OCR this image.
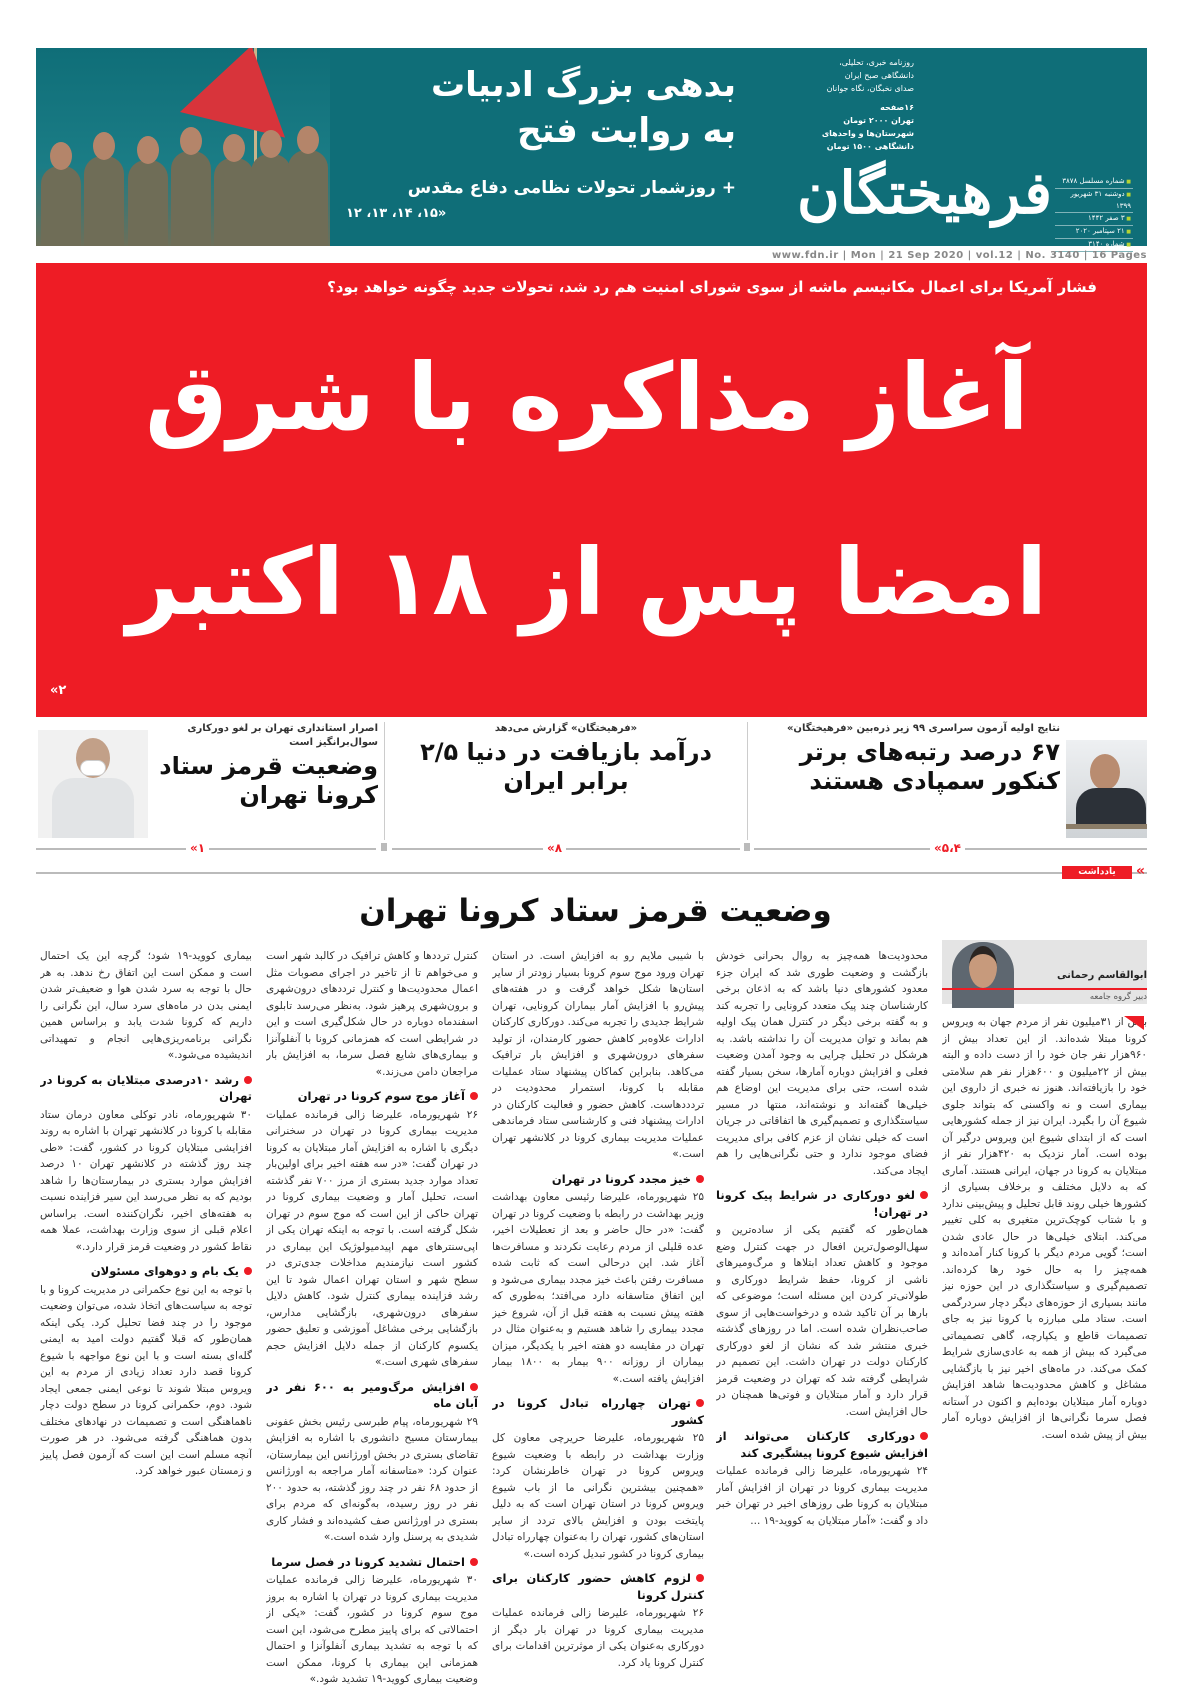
بدهی بزرگ ادبیات
به روایت فتح
+ روزشمار تحولات نظامی دفاع مقدس
«۱۵، ۱۴، ۱۳، ۱۲
روزنامه خبری، تحلیلی، دانشگاهی صبح ایران
صدای نخبگان، نگاه جوانان
۱۶صفحه
تهران ۲۰۰۰ تومان
شهرستان‌ها و واحدهای
دانشگاهی ۱۵۰۰ تومان
فرهیختگان	■ شماره مسلسل ۳۸۷۸
■ دوشنبه ۳۱ شهریور ۱۳۹۹
■ ۳ صفر ۱۴۴۲
■ ۲۱ سپتامبر ۲۰۲۰
■ شماره ۳۱۴۰
www.fdn.ir | Mon | 21 Sep 2020 | vol.12 | No. 3140 | 16 Pages
فشار آمریکا برای اعمال مکانیسم ماشه از سوی شورای امنیت هم رد شد، تحولات جدید چگونه خواهد بود؟
آغاز مذاکره با شرق
امضا پس از ۱۸ اکتبر
«۲
نتایج اولیه آزمون سراسری ۹۹ زیر ذره‌بین «فرهیختگان»
۶۷ درصد رتبه‌های برتر کنکور سمپادی هستند
«فرهیختگان» گزارش می‌دهد
درآمد بازیافت در دنیا ۲/۵ برابر ایران
اصرار استانداری تهران بر لغو دورکاری سوال‌برانگیز است
وضعیت قرمز ستاد کرونا تهران
«۵،۴
«۸
«۱
یادداشت	«
وضعیت قرمز ستاد کرونا تهران
ابوالقاسم رحمانی
دبیر گروه جامعه

بیش از ۳۱میلیون نفر از مردم جهان به ویروس کرونا مبتلا شده‌اند. از این تعداد بیش از ۹۶۰هزار نفر جان خود را از دست داده و البته بیش از ۲۲میلیون و ۶۰۰هزار نفر هم سلامتی خود را بازیافته‌اند. هنوز نه خبری از داروی این بیماری است و نه واکسنی که بتواند جلوی شیوع آن را بگیرد. ایران نیز از جمله کشورهایی است که از ابتدای شیوع این ویروس درگیر آن بوده است. آمار نزدیک به ۴۲۰هزار نفر از مبتلایان به کرونا در جهان، ایرانی هستند. آماری که به دلایل مختلف و برخلاف بسیاری از کشورها خیلی روند قابل تحلیل و پیش‌بینی ندارد و با شتاب کوچک‌ترین متغیری به کلی تغییر می‌کند. ابتلای خیلی‌ها در حال عادی شدن است؛ گویی مردم دیگر با کرونا کنار آمده‌اند و همه‌چیز را به حال خود رها کرده‌اند. تصمیم‌گیری و سیاستگذاری در این حوزه نیز مانند بسیاری از حوزه‌های دیگر دچار سردرگمی است. ستاد ملی مبارزه با کرونا نیز به جای تصمیمات قاطع و یکپارچه، گاهی تصمیماتی می‌گیرد که بیش از همه به عادی‌سازی شرایط کمک می‌کند. در ماه‌های اخیر نیز با بازگشایی مشاغل و کاهش محدودیت‌ها شاهد افزایش دوباره آمار مبتلایان بوده‌ایم و اکنون در آستانه فصل سرما نگرانی‌ها از افزایش دوباره آمار بیش از پیش شده است.

محدودیت‌ها همه‌چیز به روال بحرانی خودش بازگشت و وضعیت طوری شد که ایران جزء معدود کشورهای دنیا باشد که به اذعان برخی کارشناسان چند پیک متعدد کرونایی را تجربه کند و به گفته برخی دیگر در کنترل همان پیک اولیه هم بماند و توان مدیریت آن را نداشته باشد. به هرشکل در تحلیل چرایی به وجود آمدن وضعیت فعلی و افزایش دوباره آمارها، سخن بسیار گفته شده است، حتی برای مدیریت این اوضاع هم خیلی‌ها گفته‌اند و نوشته‌اند، منتها در مسیر سیاستگذاری و تصمیم‌گیری ها اتفاقاتی در جریان است که خیلی نشان از عزم کافی برای مدیریت فضای موجود ندارد و حتی نگرانی‌هایی را هم ایجاد می‌کند.

لغو دورکاری در شرایط پیک کرونا در تهران!

همان‌طور که گفتیم یکی از ساده‌ترین و سهل‌الوصول‌ترین افعال در جهت کنترل وضع موجود و کاهش تعداد ابتلاها و مرگ‌ومیرهای ناشی از کرونا، حفظ شرایط دورکاری و طولانی‌تر کردن این مسئله است؛ موضوعی که بارها بر آن تاکید شده و درخواست‌هایی از سوی صاحب‌نظران شده است. اما در روزهای گذشته خبری منتشر شد که نشان از لغو دورکاری کارکنان دولت در تهران داشت. این تصمیم در شرایطی گرفته شد که تهران در وضعیت قرمز قرار دارد و آمار مبتلایان و فوتی‌ها همچنان در حال افزایش است.

دورکاری کارکنان می‌تواند از افزایش شیوع کرونا پیشگیری کند

۲۴ شهریورماه، علیرضا زالی فرمانده عملیات مدیریت بیماری کرونا در تهران از افزایش آمار مبتلایان به کرونا طی روزهای اخیر در تهران خبر داد و گفت: «آمار مبتلایان به کووید-۱۹ ...

با شیبی ملایم رو به افزایش است. در استان تهران ورود موج سوم کرونا بسیار زودتر از سایر استان‌ها شکل خواهد گرفت و در هفته‌های پیش‌رو با افزایش آمار بیماران کرونایی، تهران شرایط جدیدی را تجربه می‌کند. دورکاری کارکنان ادارات علاوه‌بر کاهش حضور کارمندان، از تولید سفرهای درون‌شهری و افزایش بار ترافیک می‌کاهد. بنابراین کماکان پیشنهاد ستاد عملیات مقابله با کرونا، استمرار محدودیت در تردددهاست. کاهش حضور و فعالیت کارکنان در ادارات پیشنهاد فنی و کارشناسی ستاد فرماندهی عملیات مدیریت بیماری کرونا در کلانشهر تهران است.»

خیز مجدد کرونا در تهران

۲۵ شهریورماه، علیرضا رئیسی معاون بهداشت وزیر بهداشت در رابطه با وضعیت کرونا در تهران گفت: «در حال حاضر و بعد از تعطیلات اخیر، عده قلیلی از مردم رعایت نکردند و مسافرت‌ها آغاز شد. این درحالی است که ثابت شده مسافرت رفتن باعث خیز مجدد بیماری می‌شود و این اتفاق متاسفانه دارد می‌افتد؛ به‌طوری که هفته پیش نسبت به هفته قبل از آن، شروع خیز مجدد بیماری را شاهد هستیم و به‌عنوان مثال در تهران در مقایسه دو هفته اخیر با یکدیگر، میزان بیماران از روزانه ۹۰۰ بیمار به ۱۸۰۰ بیمار افزایش یافته است.»

تهران چهارراه تبادل کرونا در کشور

۲۵ شهریورماه، علیرضا حریرچی معاون کل وزارت بهداشت در رابطه با وضعیت شیوع ویروس کرونا در تهران خاطرنشان کرد: «همچنین بیشترین نگرانی ما از باب شیوع ویروس کرونا در استان تهران است که به دلیل پایتخت بودن و افزایش بالای تردد از سایر استان‌های کشور، تهران را به‌عنوان چهارراه تبادل بیماری کرونا در کشور تبدیل کرده است.»

لزوم کاهش حضور کارکنان برای کنترل کرونا

۲۶ شهریورماه، علیرضا زالی فرمانده عملیات مدیریت بیماری کرونا در تهران بار دیگر از دورکاری به‌عنوان یکی از موثرترین اقدامات برای کنترل کرونا یاد کرد.

کنترل ترددها و کاهش ترافیک در کالبد شهر است و می‌خواهم تا از تاخیر در اجرای مصوبات مثل اعمال محدودیت‌ها و کنترل ترددهای درون‌شهری و برون‌شهری پرهیز شود. به‌نظر می‌رسد تابلوی اسفندماه دوباره در حال شکل‌گیری است و این در شرایطی است که همزمانی کرونا با آنفلوآنزا و بیماری‌های شایع فصل سرما، به افزایش بار مراجعان دامن می‌زند.»

آغاز موج سوم کرونا در تهران

۲۶ شهریورماه، علیرضا زالی فرمانده عملیات مدیریت بیماری کرونا در تهران در سخنرانی دیگری با اشاره به افزایش آمار مبتلایان به کرونا در تهران گفت: «در سه هفته اخیر برای اولین‌بار تعداد موارد جدید بستری از مرز ۷۰۰ نفر گذشته است، تحلیل آمار و وضعیت بیماری کرونا در تهران حاکی از این است که موج سوم در تهران شکل گرفته است. با توجه به اینکه تهران یکی از اپی‌سنترهای مهم اپیدمیولوژیک این بیماری در کشور است نیازمندیم مداخلات جدی‌تری در سطح شهر و استان تهران اعمال شود تا این رشد فزاینده بیماری کنترل شود. کاهش دلایل سفرهای درون‌شهری، بازگشایی مدارس، بازگشایی برخی مشاغل آموزشی و تعلیق حضور یکسوم کارکنان از جمله دلایل افزایش حجم سفرهای شهری است.»

افزایش مرگ‌ومیر به ۶۰۰ نفر در آبان ماه

۲۹ شهریورماه، پیام طبرسی رئیس بخش عفونی بیمارستان مسیح دانشوری با اشاره به افزایش تقاضای بستری در بخش اورژانس این بیمارستان، عنوان کرد: «متاسفانه آمار مراجعه به اورژانس از حدود ۶۸ نفر در چند روز گذشته، به حدود ۲۰۰ نفر در روز رسیده، به‌گونه‌ای که مردم برای بستری در اورژانس صف کشیده‌اند و فشار کاری شدیدی به پرسنل وارد شده است.»

احتمال تشدید کرونا در فصل سرما

۳۰ شهریورماه، علیرضا زالی فرمانده عملیات مدیریت بیماری کرونا در تهران با اشاره به بروز موج سوم کرونا در کشور، گفت: «یکی از احتمالاتی که برای پاییز مطرح می‌شود، این است که با توجه به تشدید بیماری آنفلوآنزا و احتمال همزمانی این بیماری با کرونا، ممکن است وضعیت بیماری کووید-۱۹ تشدید شود.»

بیماری کووید-۱۹ شود؛ گرچه این یک احتمال است و ممکن است این اتفاق رخ ندهد. به هر حال با توجه به سرد شدن هوا و ضعیف‌تر شدن ایمنی بدن در ماه‌های سرد سال، این نگرانی را داریم که کرونا شدت یابد و براساس همین نگرانی برنامه‌ریزی‌هایی انجام و تمهیداتی اندیشیده می‌شود.»

رشد ۱۰درصدی مبتلایان به کرونا در تهران

۳۰ شهریورماه، نادر توکلی معاون درمان ستاد مقابله با کرونا در کلانشهر تهران با اشاره به روند افزایشی مبتلایان کرونا در کشور، گفت: «طی چند روز گذشته در کلانشهر تهران ۱۰ درصد افزایش موارد بستری در بیمارستان‌ها را شاهد بودیم که به نظر می‌رسد این سیر فزاینده نسبت به هفته‌های اخیر، نگران‌کننده است. براساس اعلام قبلی از سوی وزارت بهداشت، عملا همه نقاط کشور در وضعیت قرمز قرار دارد.»

یک بام و دوهوای مسئولان

با توجه به این نوع حکمرانی در مدیریت کرونا و با توجه به سیاست‌های اتخاذ شده، می‌توان وضعیت موجود را در چند فضا تحلیل کرد. یکی اینکه همان‌طور که قبلا گفتیم دولت امید به ایمنی گله‌ای بسته است و با این نوع مواجهه با شیوع کرونا قصد دارد تعداد زیادی از مردم به این ویروس مبتلا شوند تا نوعی ایمنی جمعی ایجاد شود. دوم، حکمرانی کرونا در سطح دولت دچار ناهماهنگی است و تصمیمات در نهادهای مختلف بدون هماهنگی گرفته می‌شود. در هر صورت آنچه مسلم است این است که آزمون فصل پاییز و زمستان عبور خواهد کرد.
